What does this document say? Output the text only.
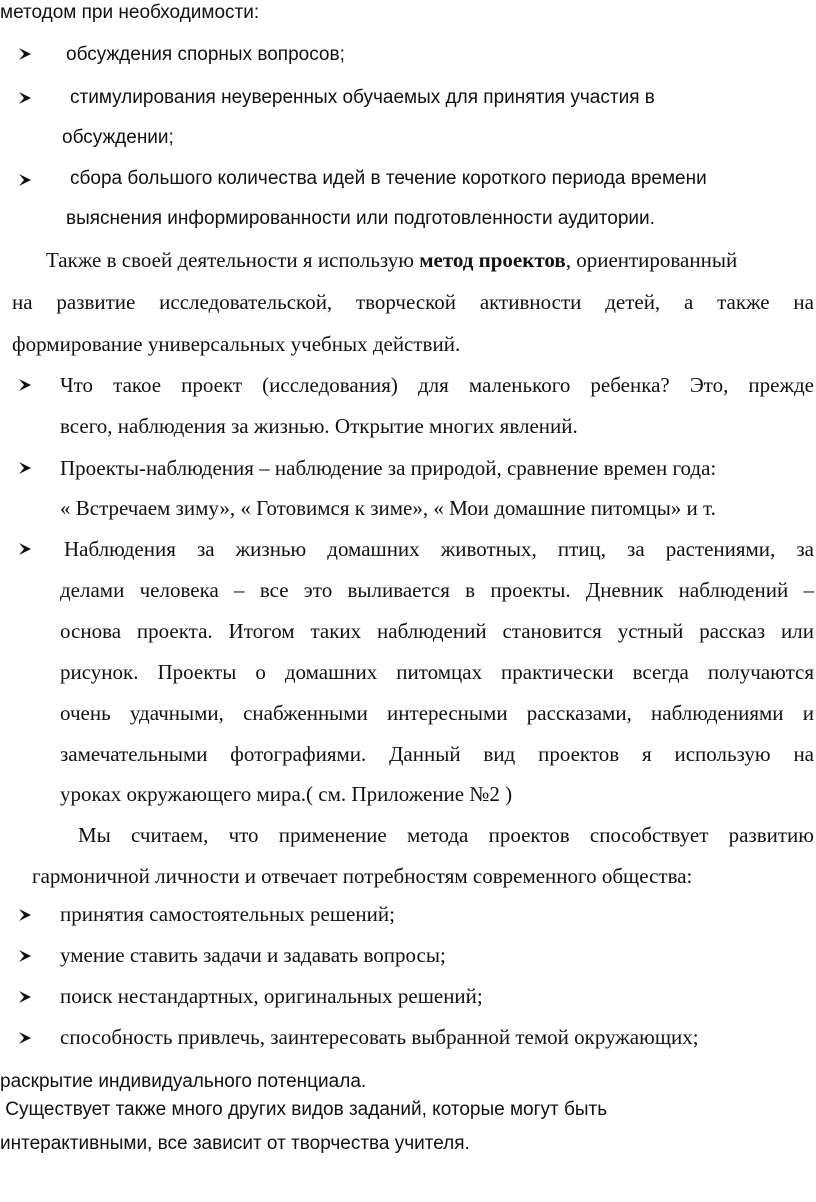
методом при необходимости:
обсуждения спорных вопросов;
стимулирования неуверенных обучаемых для принятия участия в
обсуждении;
сбора большого количества идей в течение короткого периода времени
выяснения информированности или подготовленности аудитории.
Также в своей деятельности я использую метод проектов, ориентированный
на развитие исследовательской, творческой активности детей, а также на
формирование универсальных учебных действий.
Что такое проект (исследования) для маленького ребенка? Это, прежде
всего, наблюдения за жизнью. Открытие многих явлений.
Проекты-наблюдения – наблюдение за природой, сравнение времен года:
« Встречаем зиму», « Готовимся к зиме», « Мои домашние питомцы» и т.
Наблюдения за жизнью домашних животных, птиц, за растениями, за
делами человека – все это выливается в проекты. Дневник наблюдений –
основа проекта. Итогом таких наблюдений становится устный рассказ или
рисунок. Проекты о домашних питомцах практически всегда получаются
очень удачными, снабженными интересными рассказами, наблюдениями и
замечательными фотографиями. Данный вид проектов я использую на
уроках окружающего мира.( см. Приложение №2 )
Мы считаем, что применение метода проектов способствует развитию
гармоничной личности и отвечает потребностям современного общества:
принятия самостоятельных решений;
умение ставить задачи и задавать вопросы;
поиск нестандартных, оригинальных решений;
способность привлечь, заинтересовать выбранной темой окружающих;
раскрытие индивидуального потенциала.
Существует также много других видов заданий, которые могут быть
интерактивными, все зависит от творчества учителя.
